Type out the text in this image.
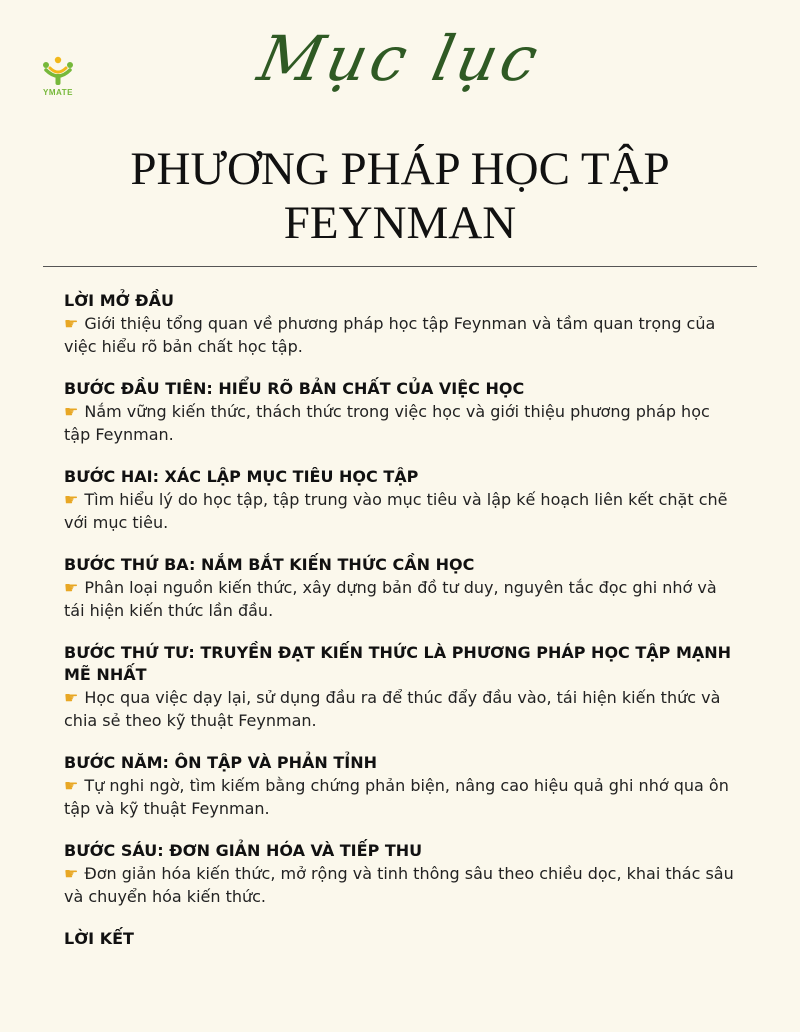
YMATE	Mục lục
PHƯƠNG PHÁP HỌC TẬP
FEYNMAN
LỜI MỞ ĐẦU
☛ Giới thiệu tổng quan về phương pháp học tập Feynman và tầm quan trọng của việc hiểu rõ bản chất học tập.
BƯỚC ĐẦU TIÊN: HIỂU RÕ BẢN CHẤT CỦA VIỆC HỌC
☛ Nắm vững kiến thức, thách thức trong việc học và giới thiệu phương pháp học tập Feynman.
BƯỚC HAI: XÁC LẬP MỤC TIÊU HỌC TẬP
☛ Tìm hiểu lý do học tập, tập trung vào mục tiêu và lập kế hoạch liên kết chặt chẽ với mục tiêu.
BƯỚC THỨ BA: NẮM BẮT KIẾN THỨC CẦN HỌC
☛ Phân loại nguồn kiến thức, xây dựng bản đồ tư duy, nguyên tắc đọc ghi nhớ và tái hiện kiến thức lần đầu.
BƯỚC THỨ TƯ: TRUYỀN ĐẠT KIẾN THỨC LÀ PHƯƠNG PHÁP HỌC TẬP MẠNH MẼ NHẤT
☛ Học qua việc dạy lại, sử dụng đầu ra để thúc đẩy đầu vào, tái hiện kiến thức và chia sẻ theo kỹ thuật Feynman.
BƯỚC NĂM: ÔN TẬP VÀ PHẢN TỈNH
☛ Tự nghi ngờ, tìm kiếm bằng chứng phản biện, nâng cao hiệu quả ghi nhớ qua ôn tập và kỹ thuật Feynman.
BƯỚC SÁU: ĐƠN GIẢN HÓA VÀ TIẾP THU
☛ Đơn giản hóa kiến thức, mở rộng và tinh thông sâu theo chiều dọc, khai thác sâu và chuyển hóa kiến thức.
LỜI KẾT
